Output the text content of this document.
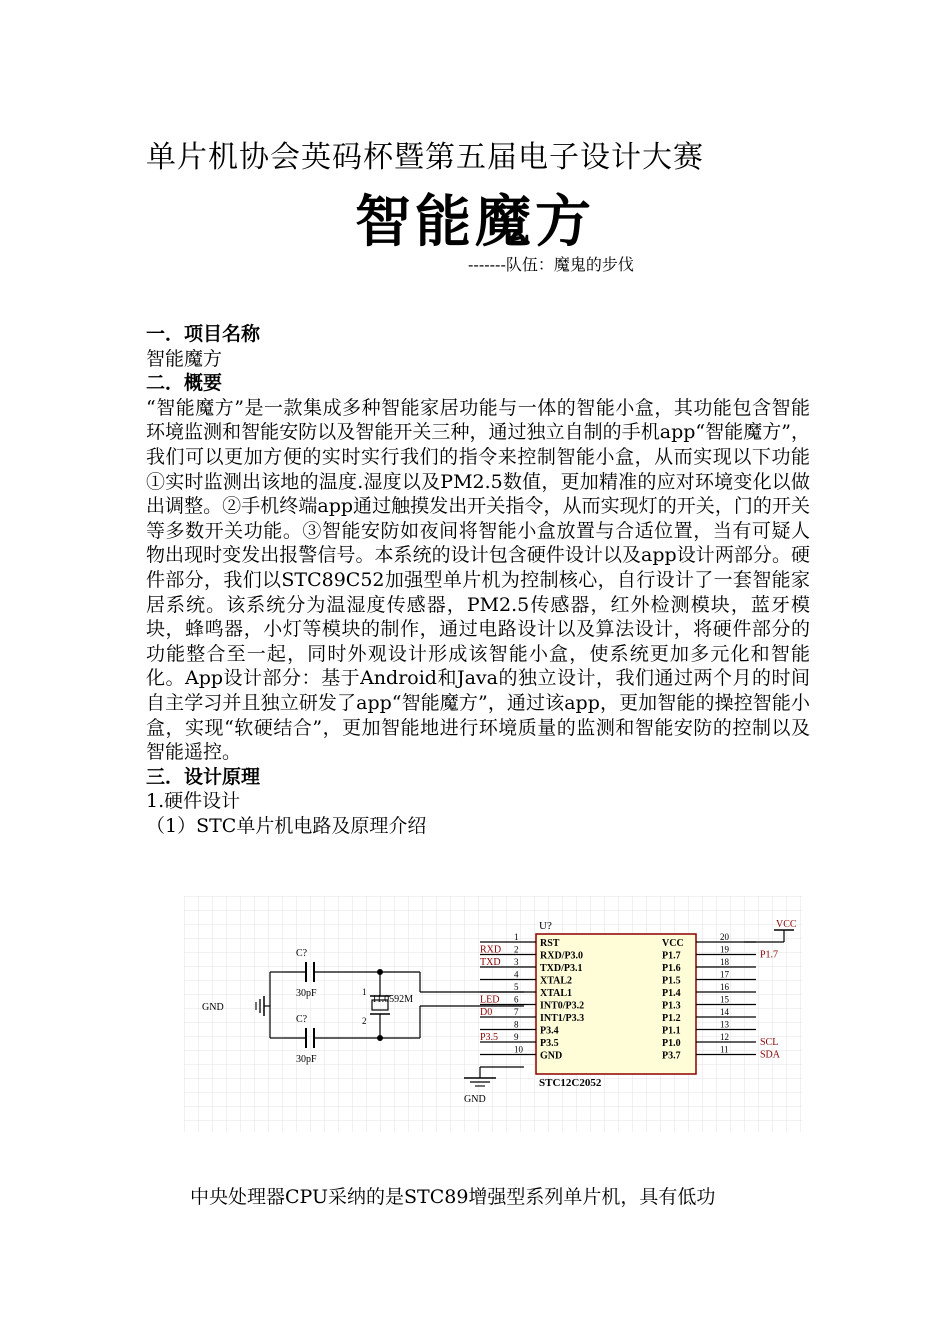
单片机协会英码杯暨第五届电子设计大赛
智能魔方
-------队伍：魔鬼的步伐

一．项目名称

智能魔方

二．概要

“智能魔方”是一款集成多种智能家居功能与一体的智能小盒，其功能包含智能环境监测和智能安防以及智能开关三种，通过独立自制的手机app“智能魔方”，我们可以更加方便的实时实行我们的指令来控制智能小盒，从而实现以下功能①实时监测出该地的温度.湿度以及PM2.5数值，更加精准的应对环境变化以做出调整。②手机终端app通过触摸发出开关指令，从而实现灯的开关，门的开关等多数开关功能。③智能安防如夜间将智能小盒放置与合适位置，当有可疑人物出现时变发出报警信号。本系统的设计包含硬件设计以及app设计两部分。硬件部分，我们以STC89C52加强型单片机为控制核心，自行设计了一套智能家居系统。该系统分为温湿度传感器，PM2.5传感器，红外检测模块，蓝牙模块，蜂鸣器，小灯等模块的制作，通过电路设计以及算法设计，将硬件部分的功能整合至一起，同时外观设计形成该智能小盒，使系统更加多元化和智能化。App设计部分：基于Android和Java的独立设计，我们通过两个月的时间自主学习并且独立研发了app“智能魔方”，通过该app，更加智能的操控智能小盒，实现“软硬结合”，更加智能地进行环境质量的监测和智能安防的控制以及智能遥控。

三．设计原理

1.硬件设计

（1）STC单片机电路及原理介绍

U?
STC12C2052
1
RST
2
RXD/P3.0
RXD
3
TXD/P3.1
TXD
4
XTAL2
5
XTAL1
6
INT0/P3.2
LED
7
INT1/P3.3
D0
8
P3.4
9
P3.5
P3.5
10
GND
20
VCC
19
P1.7	P1.7
18
P1.6
17
P1.5
16
P1.4
15
P1.3
14
P1.2
13
P1.1
12
P1.0	SCL
11
P3.7	SDA
VCC
GND
C?
30pF
C?
30pF
1
2
11.0592M
GND
中央处理器CPU采纳的是STC89增强型系列单片机，具有低功
